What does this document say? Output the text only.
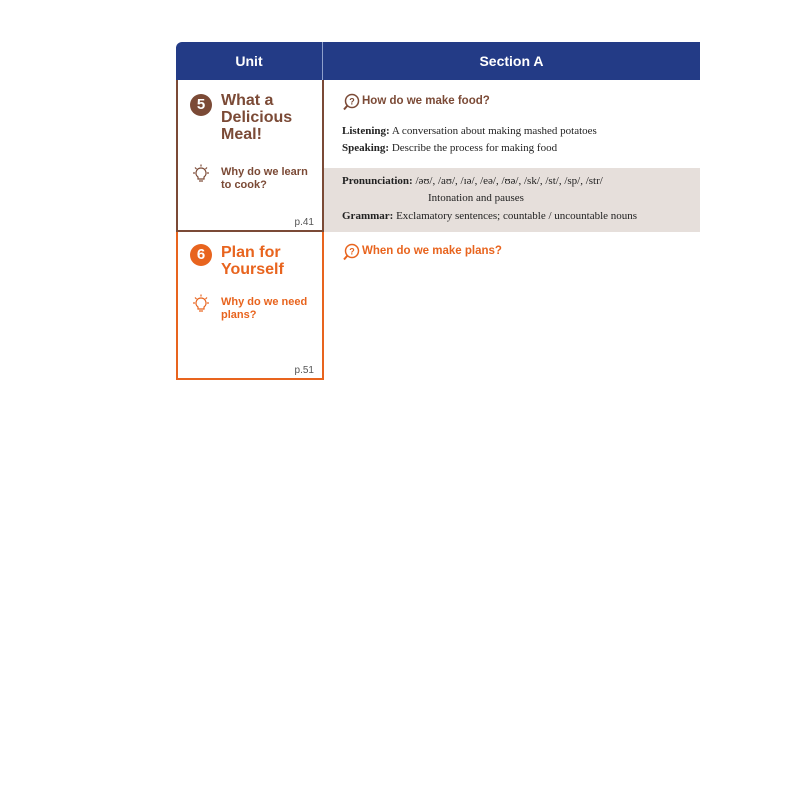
Unit	Section A
5 What a
Delicious
Meal!
Why do we learn to cook?
p.41
? How do we make food?
Listening: A conversation about making mashed potatoes
Speaking: Describe the process for making food
Pronunciation: /əʊ/, /aʊ/, /ɪə/, /eə/, /ʊə/, /sk/, /st/, /sp/, /str/
Intonation and pauses
Grammar: Exclamatory sentences; countable / uncountable nouns
6 Plan for
Yourself
Why do we need plans?
p.51
? When do we make plans?
